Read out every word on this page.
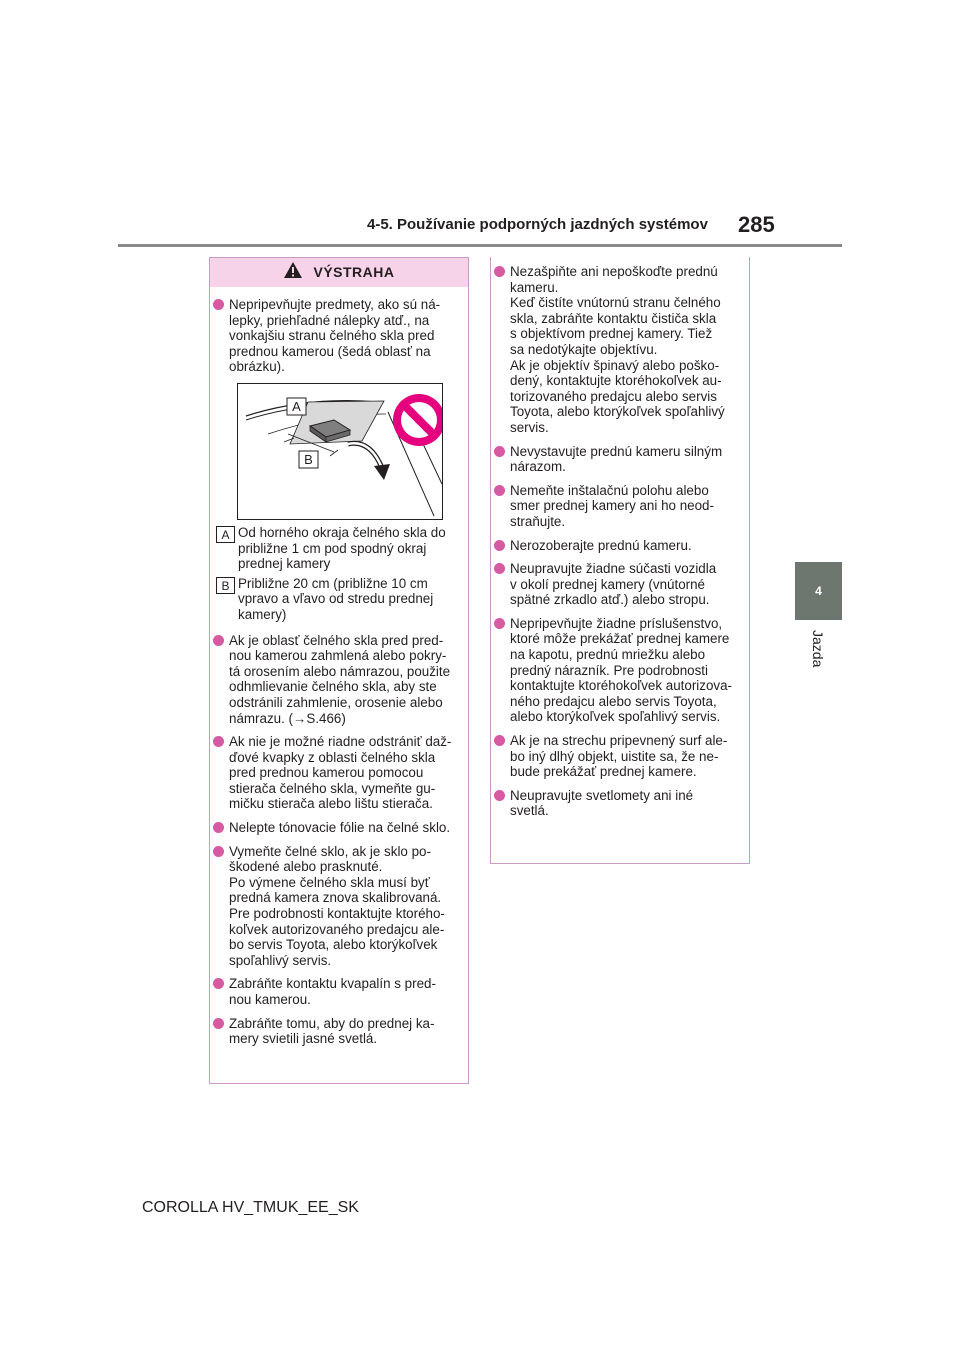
4-5. Používanie podporných jazdných systémov 285
4
Jazda
VÝSTRAHA
Nepripevňujte predmety, ako sú ná-
lepky, priehľadné nálepky atď., na
vonkajšiu stranu čelného skla pred
prednou kamerou (šedá oblasť na
obrázku).
A
B
A Od horného okraja čelného skla do
približne 1 cm pod spodný okraj
prednej kamery
B Približne 20 cm (približne 10 cm
vpravo a vľavo od stredu prednej
kamery)
Ak je oblasť čelného skla pred pred-
nou kamerou zahmlená alebo pokry-
tá orosením alebo námrazou, použite
odhmlievanie čelného skla, aby ste
odstránili zahmlenie, orosenie alebo
námrazu. (→S.466)
Ak nie je možné riadne odstrániť daž-
ďové kvapky z oblasti čelného skla
pred prednou kamerou pomocou
stierača čelného skla, vymeňte gu-
mičku stierača alebo lištu stierača.
Nelepte tónovacie fólie na čelné sklo.
Vymeňte čelné sklo, ak je sklo po-
škodené alebo prasknuté.
Po výmene čelného skla musí byť
predná kamera znova skalibrovaná.
Pre podrobnosti kontaktujte ktorého-
koľvek autorizovaného predajcu ale-
bo servis Toyota, alebo ktorýkoľvek
spoľahlivý servis.
Zabráňte kontaktu kvapalín s pred-
nou kamerou.
Zabráňte tomu, aby do prednej ka-
mery svietili jasné svetlá.
Nezašpiňte ani nepoškoďte prednú
kameru.
Keď čistíte vnútornú stranu čelného
skla, zabráňte kontaktu čističa skla
s objektívom prednej kamery. Tiež
sa nedotýkajte objektívu.
Ak je objektív špinavý alebo poško-
dený, kontaktujte ktoréhokoľvek au-
torizovaného predajcu alebo servis
Toyota, alebo ktorýkoľvek spoľahlivý
servis.
Nevystavujte prednú kameru silným
nárazom.
Nemeňte inštalačnú polohu alebo
smer prednej kamery ani ho neod-
straňujte.
Nerozoberajte prednú kameru.
Neupravujte žiadne súčasti vozidla
v okolí prednej kamery (vnútorné
spätné zrkadlo atď.) alebo stropu.
Nepripevňujte žiadne príslušenstvo,
ktoré môže prekážať prednej kamere
na kapotu, prednú mriežku alebo
predný nárazník. Pre podrobnosti
kontaktujte ktoréhokoľvek autorizova-
ného predajcu alebo servis Toyota,
alebo ktorýkoľvek spoľahlivý servis.
Ak je na strechu pripevnený surf ale-
bo iný dlhý objekt, uistite sa, že ne-
bude prekážať prednej kamere.
Neupravujte svetlomety ani iné
svetlá.
COROLLA HV_TMUK_EE_SK
